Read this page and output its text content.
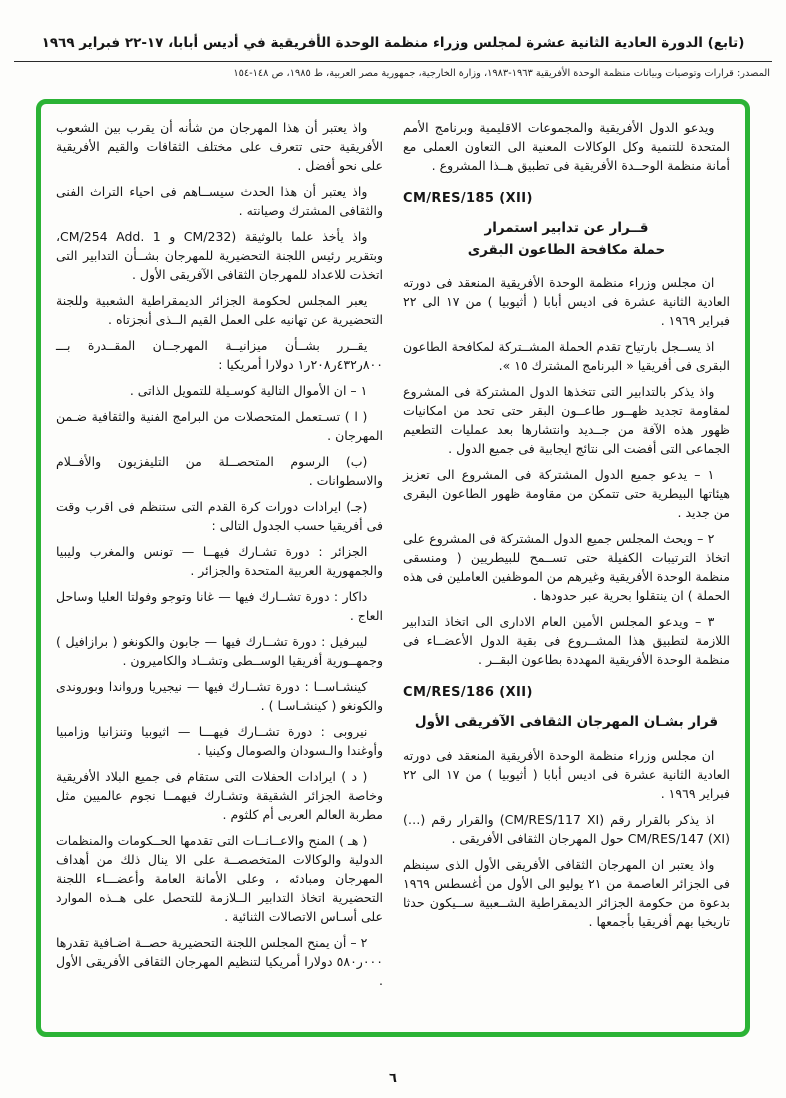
(تابع) الدورة العادية الثانية عشرة لمجلس وزراء منظمة الوحدة الأفريقية في أديس أبابا، ١٧-٢٢ فبراير ١٩٦٩
المصدر: قرارات وتوصيات وبيانات منظمة الوحدة الأفريقية ١٩٦٣-١٩٨٣، وزارة الخارجية، جمهورية مصر العربية، ط ١٩٨٥، ص ١٤٨-١٥٤

ويدعو الدول الأفريقية والمجموعات الاقليمية وبرنامج الأمم المتحدة للتنمية وكل الوكالات المعنية الى التعاون العملى مع أمانة منظمة الوحــدة الأفريقية فى تطبيق هــذا المشروع .

CM/RES/185 (XII)
قــرار عن تدابير استمرار
حملة مكافحة الطاعون البقرى

ان مجلس وزراء منظمة الوحدة الأفريقية المنعقد فى دورته العادية الثانية عشرة فى اديس أبابا ( أثيوبيا ) من ١٧ الى ٢٢ فبراير ١٩٦٩ .

اذ يســجل بارتياح تقدم الحملة المشــتركة لمكافحة الطاعون البقرى فى أفريقيا « البرنامج المشترك ١٥ ».

واذ يذكر بالتدابير التى تتخذها الدول المشتركة فى المشروع لمقاومة تجديد ظهــور طاعــون البقر حتى تحد من امكانيات ظهور هذه الآفة من جــديد وانتشارها بعد عمليات التطعيم الجماعى التى أفضت الى نتائج ايجابية فى جميع الدول .

١ – يدعو جميع الدول المشتركة فى المشروع الى تعزيز هيئاتها البيطرية حتى تتمكن من مقاومة ظهور الطاعون البقرى من جديد .

٢ – ويحث المجلس جميع الدول المشتركة فى المشروع على اتخاذ الترتيبات الكفيلة حتى تســمح للبيطريين ( ومنسقى منظمة الوحدة الأفريقية وغيرهم من الموظفين العاملين فى هذه الحملة ) ان ينتقلوا بحرية عبر حدودها .

٣ – ويدعو المجلس الأمين العام الادارى الى اتخاذ التدابير اللازمة لتطبيق هذا المشــروع فى بقية الدول الأعضــاء فى منظمة الوحدة الأفريقية المهددة بطاعون البقــر .

CM/RES/186 (XII)
قرار بشـان المهرجان الثقافى الآفريقى الأول

ان مجلس وزراء منظمة الوحدة الأفريقية المنعقد فى دورته العادية الثانية عشرة فى اديس أبابا ( أثيوبيا ) من ١٧ الى ٢٢ فبراير ١٩٦٩ .

اذ يذكر بالقرار رقم (CM/RES/117 XI) والقرار رقم (…) CM/RES/147 (XI) حول المهرجان الثقافى الأفريقى .

واذ يعتبر ان المهرجان الثقافى الأفريقى الأول الذى سينظم فى الجزائر العاصمة من ٢١ يوليو الى الأول من أغسطس ١٩٦٩ بدعوة من حكومة الجزائر الديمقراطية الشــعبية ســيكون حدثا تاريخيا بهم أفريقيا بأجمعها .

واذ يعتبر أن هذا المهرجان من شأنه أن يقرب بين الشعوب الأفريقية حتى تتعرف على مختلف الثقافات والقيم الأفريقية على نحو أفضل .

واذ يعتبر أن هذا الحدث سيســاهم فى احياء التراث الفنى والثقافى المشترك وصيانته .

واذ يأخذ علما بالوثيقة (CM/232 و CM/254 Add. 1، وبتقرير رئيس اللجنة التحضيرية للمهرجان بشــأن التدابير التى اتخذت للاعداد للمهرجان الثقافى الآفريقى الأول .

يعبر المجلس لحكومة الجزائر الديمقراطية الشعبية وللجنة التحضيرية عن تهانيه على العمل القيم الــذى أنجزتاه .

يقــرر بشــأن ميزانيــة المهرجــان المقــدرة بـــ ٨٠٠ر٤٣٢ر٢٠٨ر١ دولارا أمريكيا :

١ – ان الأموال التالية كوسـيلة للتمويل الذاتى .

( ا ) تسـتعمل المتحصلات من البرامج الفنية والثقافية ضـمن المهرجان .

(ب) الرسوم المتحصــلة من التليفزيون والأفــلام والاسطوانات .

(جـ) ايرادات دورات كرة القدم التى ستنظم فى اقرب وقت فى أفريقيا حسب الجدول التالى :

الجزائر : دورة تشـارك فيهــا — تونس والمغرب وليبيا والجمهورية العربية المتحدة والجزائر .

داكار : دورة تشــارك فيها — غانا وتوجو وفولتا العليا وساحل العاج .

ليبرفيل : دورة تشــارك فيها — جابون والكونغو ( برازافيل ) وجمهــورية أفريقيا الوســطى وتشــاد والكاميرون .

كينشـاســا : دورة تشــارك فيها — نيجيريا ورواندا وبوروندى والكونغو ( كينشـاسـا ) .

نيروبى : دورة تشــارك فيهـــا — اثيوبيا وتنزانيا وزامبيا وأوغندا والـسودان والصومال وكينيا .

( د ) ايرادات الحفلات التى ستقام فى جميع البلاد الأفريقية وخاصة الجزائر الشقيقة وتشـارك فيهمــا نجوم عالميين مثل مطربة العالم العربى أم كلثوم .

( هـ ) المنح والاعــانــات التى تقدمها الحــكومات والمنظمات الدولية والوكالات المتخصصــة على الا ينال ذلك من أهداف المهرجان ومبادئه ، وعلى الأمانة العامة وأعضـــاء اللجنة التحضيرية اتخاذ التدابير الــلازمة للتحصل على هــذه الموارد على أسـاس الاتصالات الثنائية .

٢ – أن يمنح المجلس اللجنة التحضيرية حصــة اضـافية تقدرها ٠٠٠ر٥٨٠ دولارا أمريكيا لتنظيم المهرجان الثقافى الأفريقى الأول .

٦
